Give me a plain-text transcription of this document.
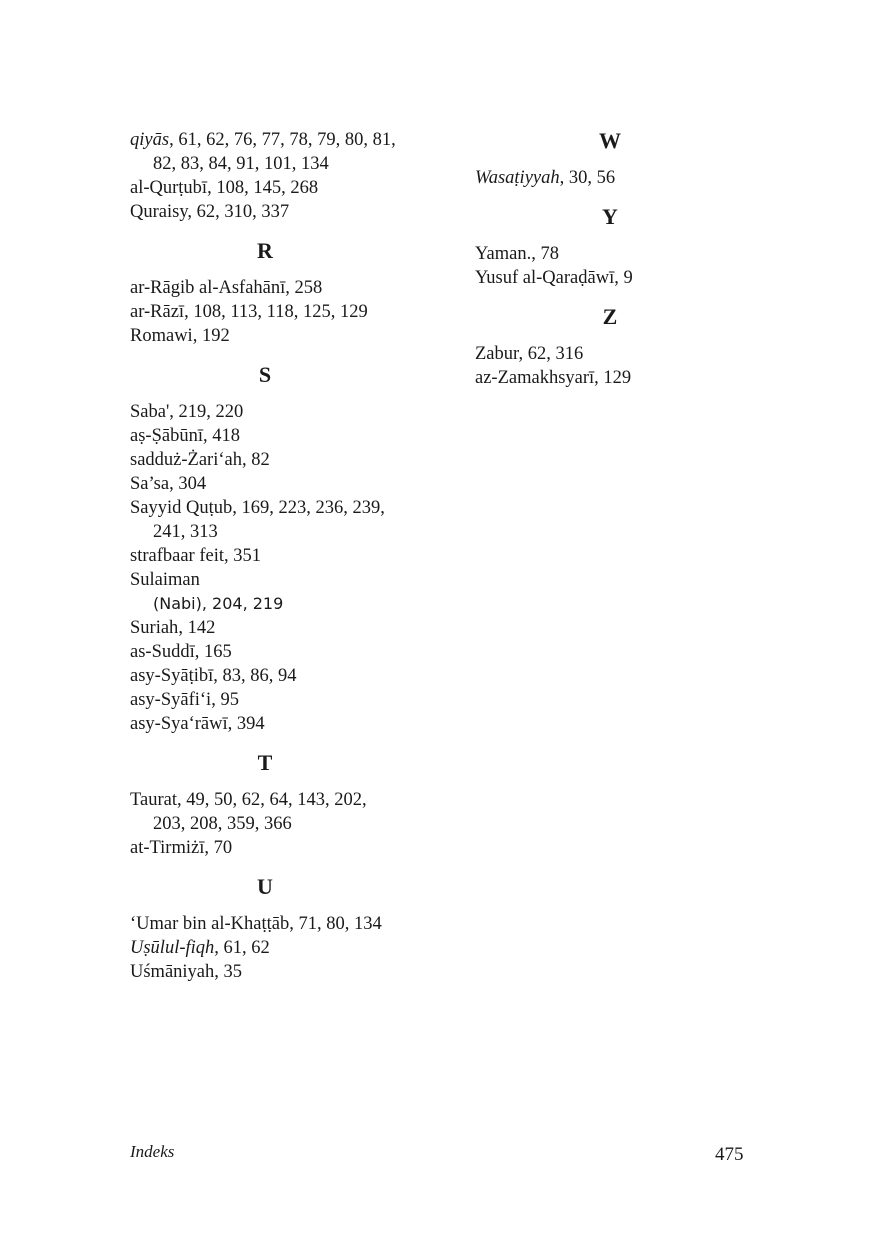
qiyās, 61, 62, 76, 77, 78, 79, 80, 81, 82, 83, 84, 91, 101, 134
al-Qurṭubī, 108, 145, 268
Quraisy, 62, 310, 337
R
ar-Rāgib al-Asfahānī, 258
ar-Rāzī, 108, 113, 118, 125, 129
Romawi, 192
S
Saba', 219, 220
aṣ-Ṣābūnī, 418
sadduż-Żari‘ah, 82
Sa’sa, 304
Sayyid Quṭub, 169, 223, 236, 239, 241, 313
strafbaar feit, 351
Sulaiman
(Nabi), 204, 219
Suriah, 142
as-Suddī, 165
asy-Syāṭibī, 83, 86, 94
asy-Syāfi‘i, 95
asy-Sya‘rāwī, 394
T
Taurat, 49, 50, 62, 64, 143, 202, 203, 208, 359, 366
at-Tirmiżī, 70
U
‘Umar bin al-Khaṭṭāb, 71, 80, 134
Uṣūlul-fiqh, 61, 62
Uśmāniyah, 35
W
Wasaṭiyyah, 30, 56
Y
Yaman., 78
Yusuf al-Qaraḍāwī, 9
Z
Zabur, 62, 316
az-Zamakhsyarī, 129
Indeks	475
